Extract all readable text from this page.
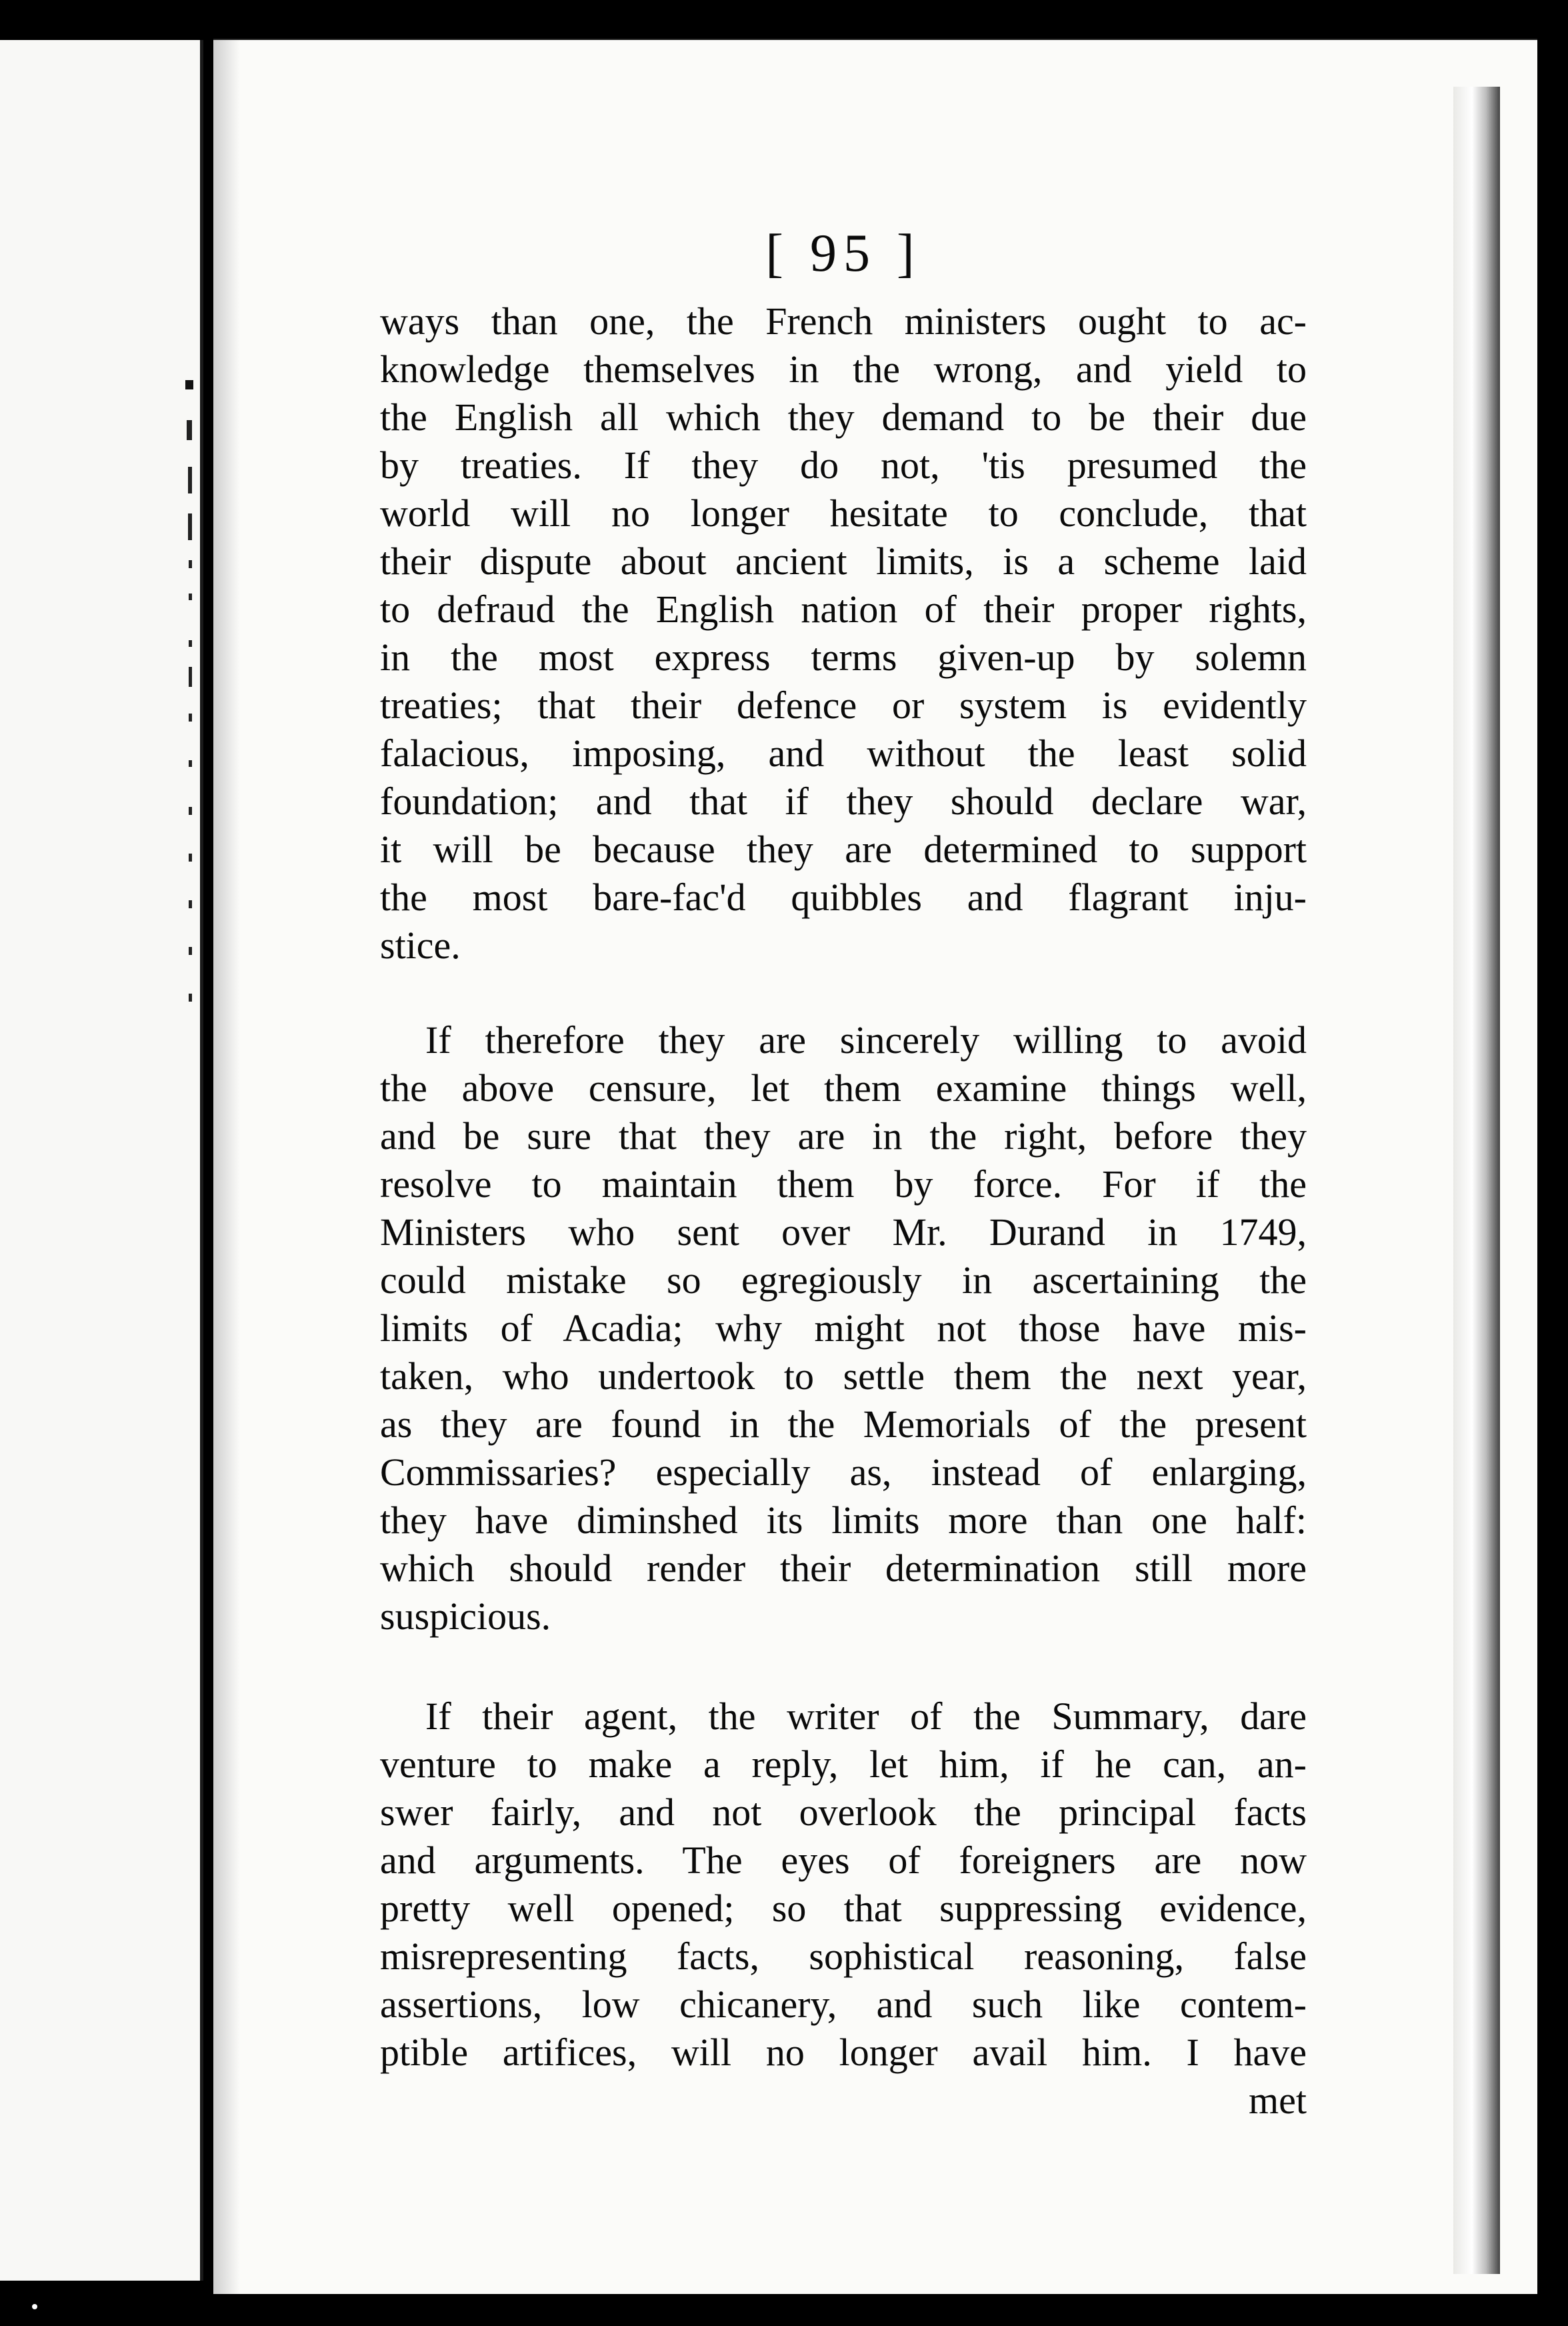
[ 95 ]
ways than one, the French ministers ought to ac-
knowledge themselves in the wrong, and yield to
the English all which they demand to be their due
by treaties. If they do not, 'tis presumed the
world will no longer hesitate to conclude, that
their dispute about ancient limits, is a scheme laid
to defraud the English nation of their proper rights,
in the most express terms given-up by solemn
treaties; that their defence or system is evidently
falacious, imposing, and without the least solid
foundation; and that if they should declare war,
it will be because they are determined to support
the most bare-fac'd quibbles and flagrant inju-
stice.
If therefore they are sincerely willing to avoid
the above censure, let them examine things well,
and be sure that they are in the right, before they
resolve to maintain them by force. For if the
Ministers who sent over Mr. Durand in 1749,
could mistake so egregiously in ascertaining the
limits of Acadia; why might not those have mis-
taken, who undertook to settle them the next year,
as they are found in the Memorials of the present
Commissaries? especially as, instead of enlarging,
they have diminshed its limits more than one half:
which should render their determination still more
suspicious.
If their agent, the writer of the Summary, dare
venture to make a reply, let him, if he can, an-
swer fairly, and not overlook the principal facts
and arguments. The eyes of foreigners are now
pretty well opened; so that suppressing evidence,
misrepresenting facts, sophistical reasoning, false
assertions, low chicanery, and such like contem-
ptible artifices, will no longer avail him. I have
met
